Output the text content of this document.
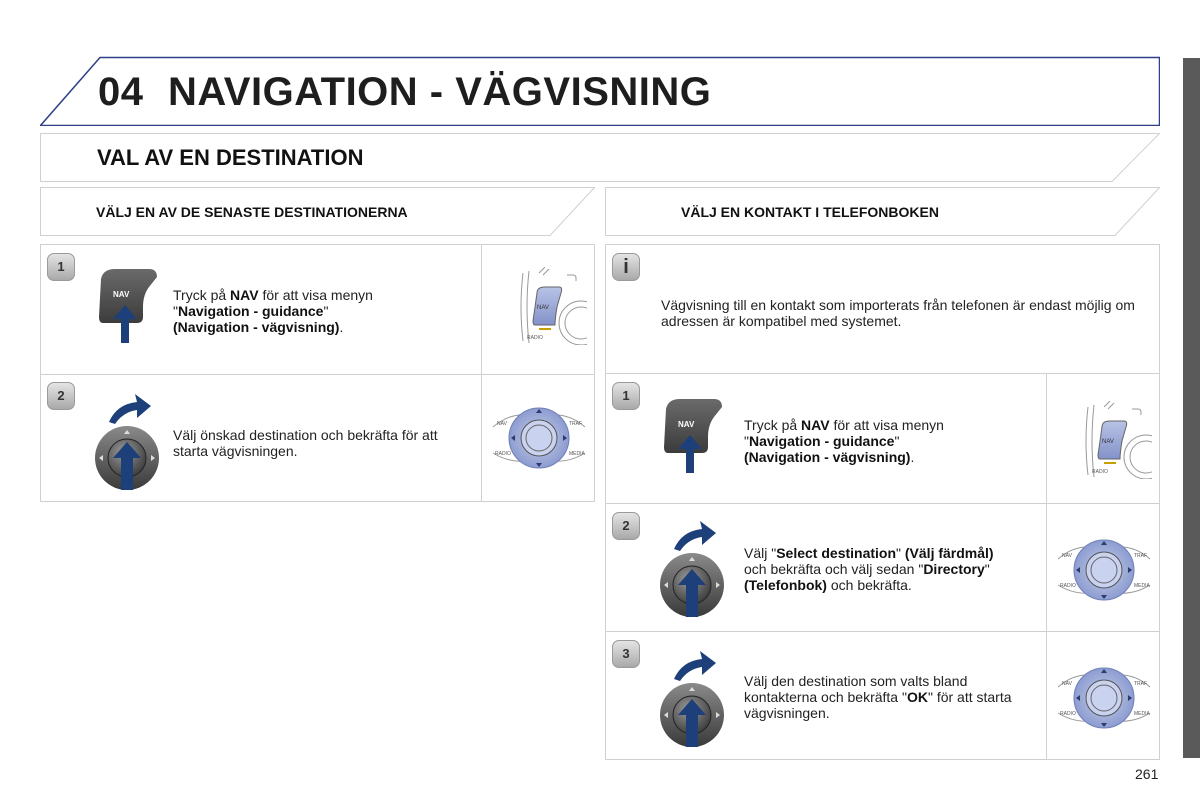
04 NAVIGATION - VÄGVISNING
VAL AV EN DESTINATION
VÄLJ EN AV DE SENASTE DESTINATIONERNA	VÄLJ EN KONTAKT I TELEFONBOKEN
1
NAV	Tryck på NAV för att visa menyn
"Navigation - guidance"
(Navigation - vägvisning).
NAV
RADIO
2
Välj önskad destination och bekräfta för att starta vägvisningen.
NAV	TRAF
RADIO	MEDIA
i
Vägvisning till en kontakt som importerats från telefonen är endast möjlig om adressen är kompatibel med systemet.
1
NAV	Tryck på NAV för att visa menyn
"Navigation - guidance"
(Navigation - vägvisning).
NAV
RADIO
2
Välj "Select destination" (Välj färdmål)
och bekräfta och välj sedan "Directory"
(Telefonbok) och bekräfta.
NAV	TRAF
RADIO	MEDIA
3
Välj den destination som valts bland kontakterna och bekräfta "OK" för att starta vägvisningen.
NAV	TRAF
RADIO	MEDIA
261
